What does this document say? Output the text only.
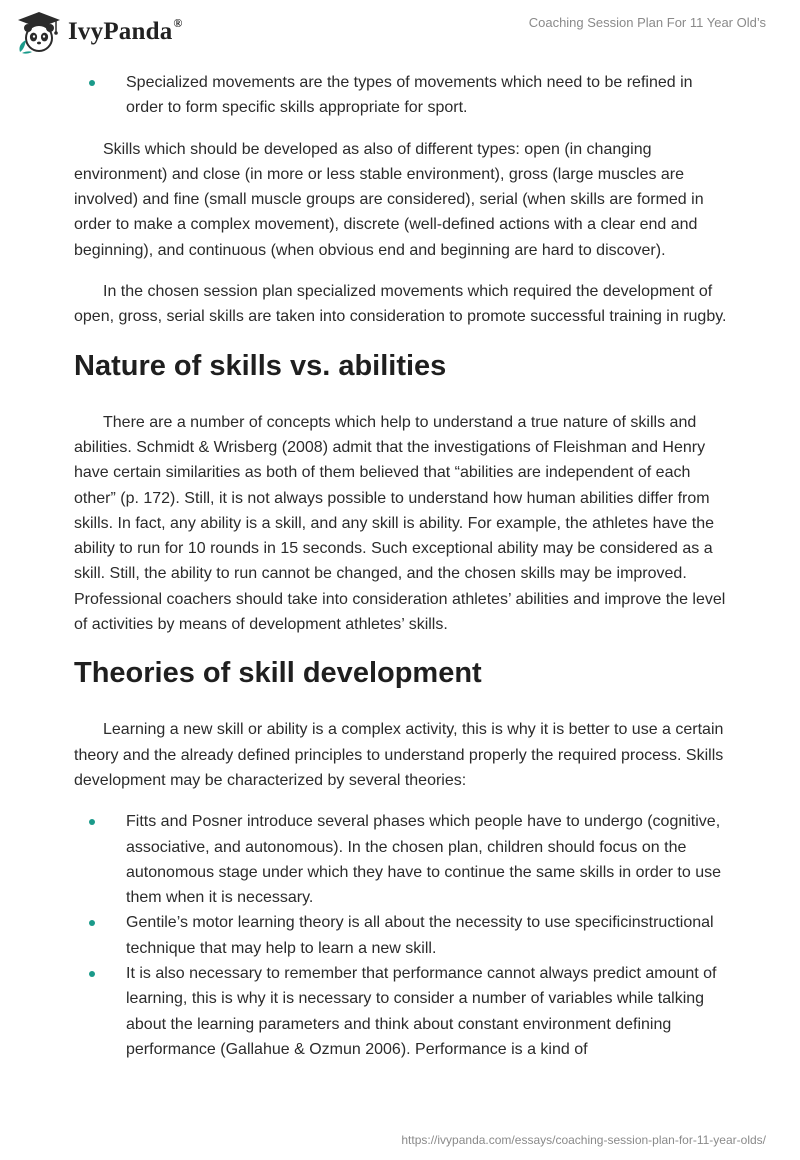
IvyPanda®	Coaching Session Plan For 11 Year Old’s
Specialized movements are the types of movements which need to be refined in order to form specific skills appropriate for sport.

Skills which should be developed as also of different types: open (in changing environment) and close (in more or less stable environment), gross (large muscles are involved) and fine (small muscle groups are considered), serial (when skills are formed in order to make a complex movement), discrete (well-defined actions with a clear end and beginning), and continuous (when obvious end and beginning are hard to discover).

In the chosen session plan specialized movements which required the development of open, gross, serial skills are taken into consideration to promote successful training in rugby.

Nature of skills vs. abilities

There are a number of concepts which help to understand a true nature of skills and abilities. Schmidt & Wrisberg (2008) admit that the investigations of Fleishman and Henry have certain similarities as both of them believed that “abilities are independent of each other” (p. 172). Still, it is not always possible to understand how human abilities differ from skills. In fact, any ability is a skill, and any skill is ability. For example, the athletes have the ability to run for 10 rounds in 15 seconds. Such exceptional ability may be considered as a skill. Still, the ability to run cannot be changed, and the chosen skills may be improved. Professional coachers should take into consideration athletes’ abilities and improve the level of activities by means of development athletes’ skills.

Theories of skill development

Learning a new skill or ability is a complex activity, this is why it is better to use a certain theory and the already defined principles to understand properly the required process. Skills development may be characterized by several theories:

Fitts and Posner introduce several phases which people have to undergo (cognitive, associative, and autonomous). In the chosen plan, children should focus on the autonomous stage under which they have to continue the same skills in order to use them when it is necessary.
Gentile’s motor learning theory is all about the necessity to use specificinstructional technique that may help to learn a new skill.
It is also necessary to remember that performance cannot always predict amount of learning, this is why it is necessary to consider a number of variables while talking about the learning parameters and think about constant environment defining performance (Gallahue & Ozmun 2006). Performance is a kind of
https://ivypanda.com/essays/coaching-session-plan-for-11-year-olds/
